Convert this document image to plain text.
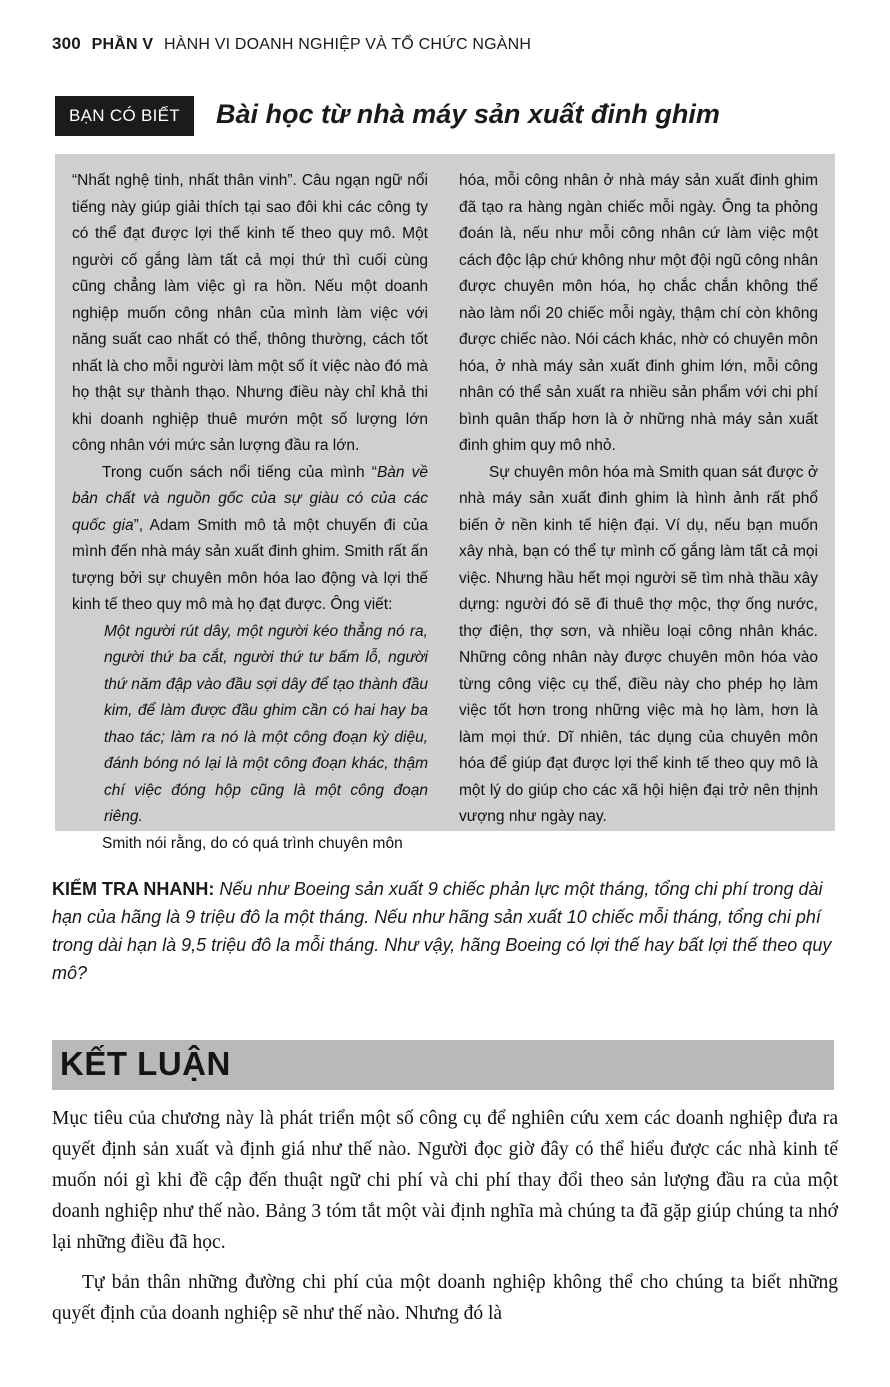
300 PHẦN V HÀNH VI DOANH NGHIỆP VÀ TỔ CHỨC NGÀNH
BẠN CÓ BIẾT	Bài học từ nhà máy sản xuất đinh ghim

“Nhất nghệ tinh, nhất thân vinh”. Câu ngạn ngữ nổi tiếng này giúp giải thích tại sao đôi khi các công ty có thể đạt được lợi thế kinh tế theo quy mô. Một người cố gắng làm tất cả mọi thứ thì cuối cùng cũng chẳng làm việc gì ra hồn. Nếu một doanh nghiệp muốn công nhân của mình làm việc với năng suất cao nhất có thể, thông thường, cách tốt nhất là cho mỗi người làm một số ít việc nào đó mà họ thật sự thành thạo. Nhưng điều này chỉ khả thi khi doanh nghiệp thuê mướn một số lượng lớn công nhân với mức sản lượng đầu ra lớn.

Trong cuốn sách nổi tiếng của mình “Bàn về bản chất và nguồn gốc của sự giàu có của các quốc gia”, Adam Smith mô tả một chuyến đi của mình đến nhà máy sản xuất đinh ghim. Smith rất ấn tượng bởi sự chuyên môn hóa lao động và lợi thế kinh tế theo quy mô mà họ đạt được. Ông viết:

Một người rút dây, một người kéo thẳng nó ra, người thứ ba cắt, người thứ tư bấm lỗ, người thứ năm đập vào đầu sợi dây để tạo thành đầu kim, để làm được đầu ghim cần có hai hay ba thao tác; làm ra nó là một công đoạn kỳ diệu, đánh bóng nó lại là một công đoạn khác, thậm chí việc đóng hộp cũng là một công đoạn riêng.

Smith nói rằng, do có quá trình chuyên môn

hóa, mỗi công nhân ở nhà máy sản xuất đinh ghim đã tạo ra hàng ngàn chiếc mỗi ngày. Ông ta phỏng đoán là, nếu như mỗi công nhân cứ làm việc một cách độc lập chứ không như một đội ngũ công nhân được chuyên môn hóa, họ chắc chắn không thể nào làm nổi 20 chiếc mỗi ngày, thậm chí còn không được chiếc nào. Nói cách khác, nhờ có chuyên môn hóa, ở nhà máy sản xuất đinh ghim lớn, mỗi công nhân có thể sản xuất ra nhiều sản phẩm với chi phí bình quân thấp hơn là ở những nhà máy sản xuất đinh ghim quy mô nhỏ.

Sự chuyên môn hóa mà Smith quan sát được ở nhà máy sản xuất đinh ghim là hình ảnh rất phổ biến ở nền kinh tế hiện đại. Ví dụ, nếu bạn muốn xây nhà, bạn có thể tự mình cố gắng làm tất cả mọi việc. Nhưng hầu hết mọi người sẽ tìm nhà thầu xây dựng: người đó sẽ đi thuê thợ mộc, thợ ống nước, thợ điện, thợ sơn, và nhiều loại công nhân khác. Những công nhân này được chuyên môn hóa vào từng công việc cụ thể, điều này cho phép họ làm việc tốt hơn trong những việc mà họ làm, hơn là làm mọi thứ. Dĩ nhiên, tác dụng của chuyên môn hóa để giúp đạt được lợi thế kinh tế theo quy mô là một lý do giúp cho các xã hội hiện đại trở nên thịnh vượng như ngày nay.

KIỂM TRA NHANH: Nếu như Boeing sản xuất 9 chiếc phản lực một tháng, tổng chi phí trong dài hạn của hãng là 9 triệu đô la một tháng. Nếu như hãng sản xuất 10 chiếc mỗi tháng, tổng chi phí trong dài hạn là 9,5 triệu đô la mỗi tháng. Như vậy, hãng Boeing có lợi thế hay bất lợi thế theo quy mô?
KẾT LUẬN

Mục tiêu của chương này là phát triển một số công cụ để nghiên cứu xem các doanh nghiệp đưa ra quyết định sản xuất và định giá như thế nào. Người đọc giờ đây có thể hiểu được các nhà kinh tế muốn nói gì khi đề cập đến thuật ngữ chi phí và chi phí thay đổi theo sản lượng đầu ra của một doanh nghiệp như thế nào. Bảng 3 tóm tắt một vài định nghĩa mà chúng ta đã gặp giúp chúng ta nhớ lại những điều đã học.

Tự bản thân những đường chi phí của một doanh nghiệp không thể cho chúng ta biết những quyết định của doanh nghiệp sẽ như thế nào. Nhưng đó là
